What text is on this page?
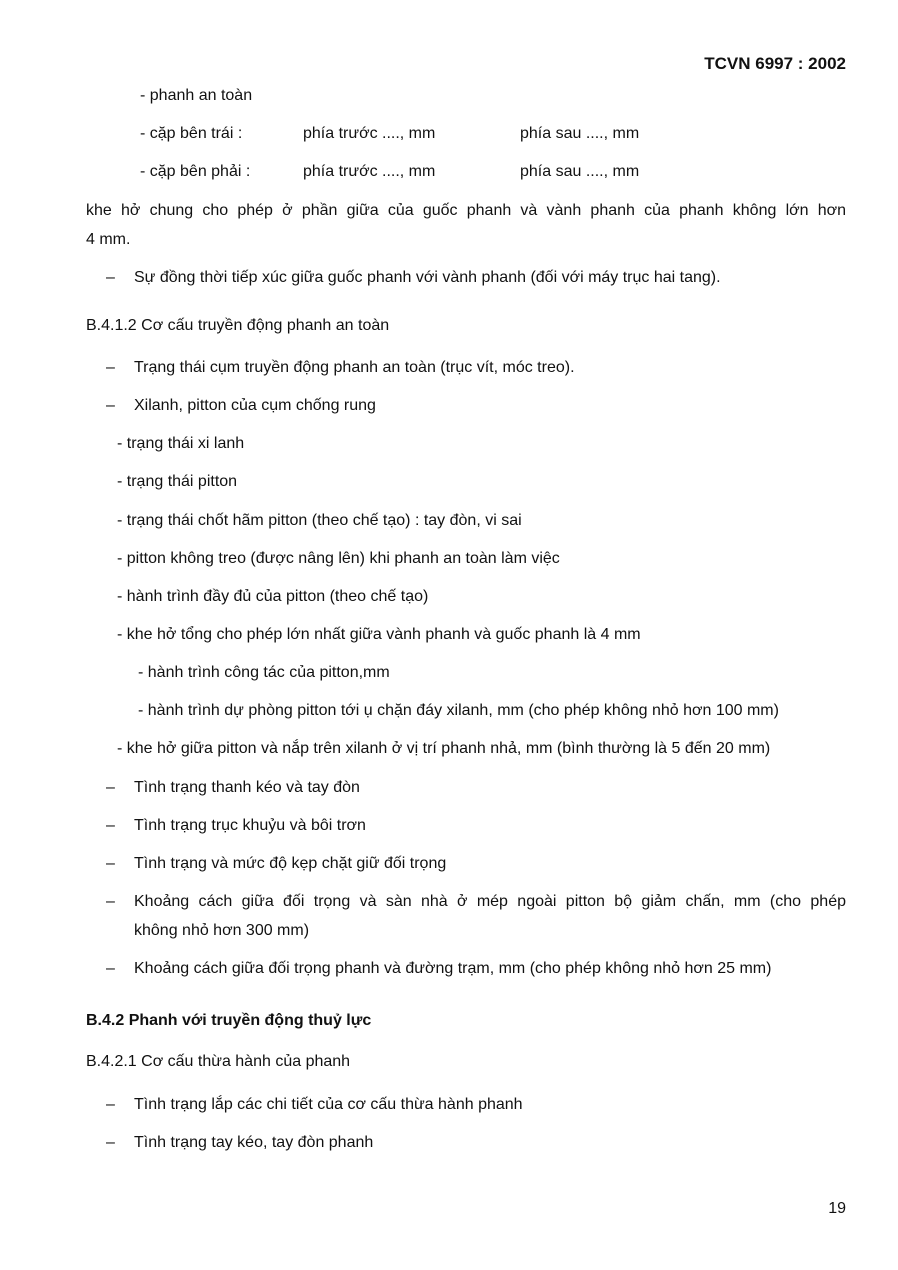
TCVN 6997 : 2002
- phanh an toàn
- cặp bên trái :	phía trước ...., mm	phía sau ...., mm
- cặp bên phải :	phía trước ...., mm	phía sau ...., mm
khe hở chung cho phép ở phần giữa của guốc phanh và vành phanh của phanh không lớn hơn
4 mm.
– Sự đồng thời tiếp xúc giữa guốc phanh với vành phanh (đối với máy trục hai tang).
B.4.1.2 Cơ cấu truyền động phanh an toàn
– Trạng thái cụm truyền động phanh an toàn (trục vít, móc treo).
– Xilanh, pitton của cụm chống rung
- trạng thái xi lanh
- trạng thái pitton
- trạng thái chốt hãm pitton (theo chế tạo) : tay đòn, vi sai
- pitton không treo (được nâng lên) khi phanh an toàn làm việc
- hành trình đầy đủ của pitton (theo chế tạo)
- khe hở tổng cho phép lớn nhất giữa vành phanh và guốc phanh là 4 mm
- hành trình công tác của pitton,mm
- hành trình dự phòng pitton tới ụ chặn đáy xilanh, mm (cho phép không nhỏ hơn 100 mm)
- khe hở giữa pitton và nắp trên xilanh ở vị trí phanh nhả, mm (bình thường là 5 đến 20 mm)
– Tình trạng thanh kéo và tay đòn
– Tình trạng trục khuỷu và bôi trơn
– Tình trạng và mức độ kẹp chặt giữ đối trọng
– Khoảng cách giữa đối trọng và sàn nhà ở mép ngoài pitton bộ giảm chấn, mm (cho phép
không nhỏ hơn 300 mm)
– Khoảng cách giữa đối trọng phanh và đường trạm, mm (cho phép không nhỏ hơn 25 mm)
B.4.2 Phanh với truyền động thuỷ lực
B.4.2.1 Cơ cấu thừa hành của phanh
– Tình trạng lắp các chi tiết của cơ cấu thừa hành phanh
– Tình trạng tay kéo, tay đòn phanh
19
